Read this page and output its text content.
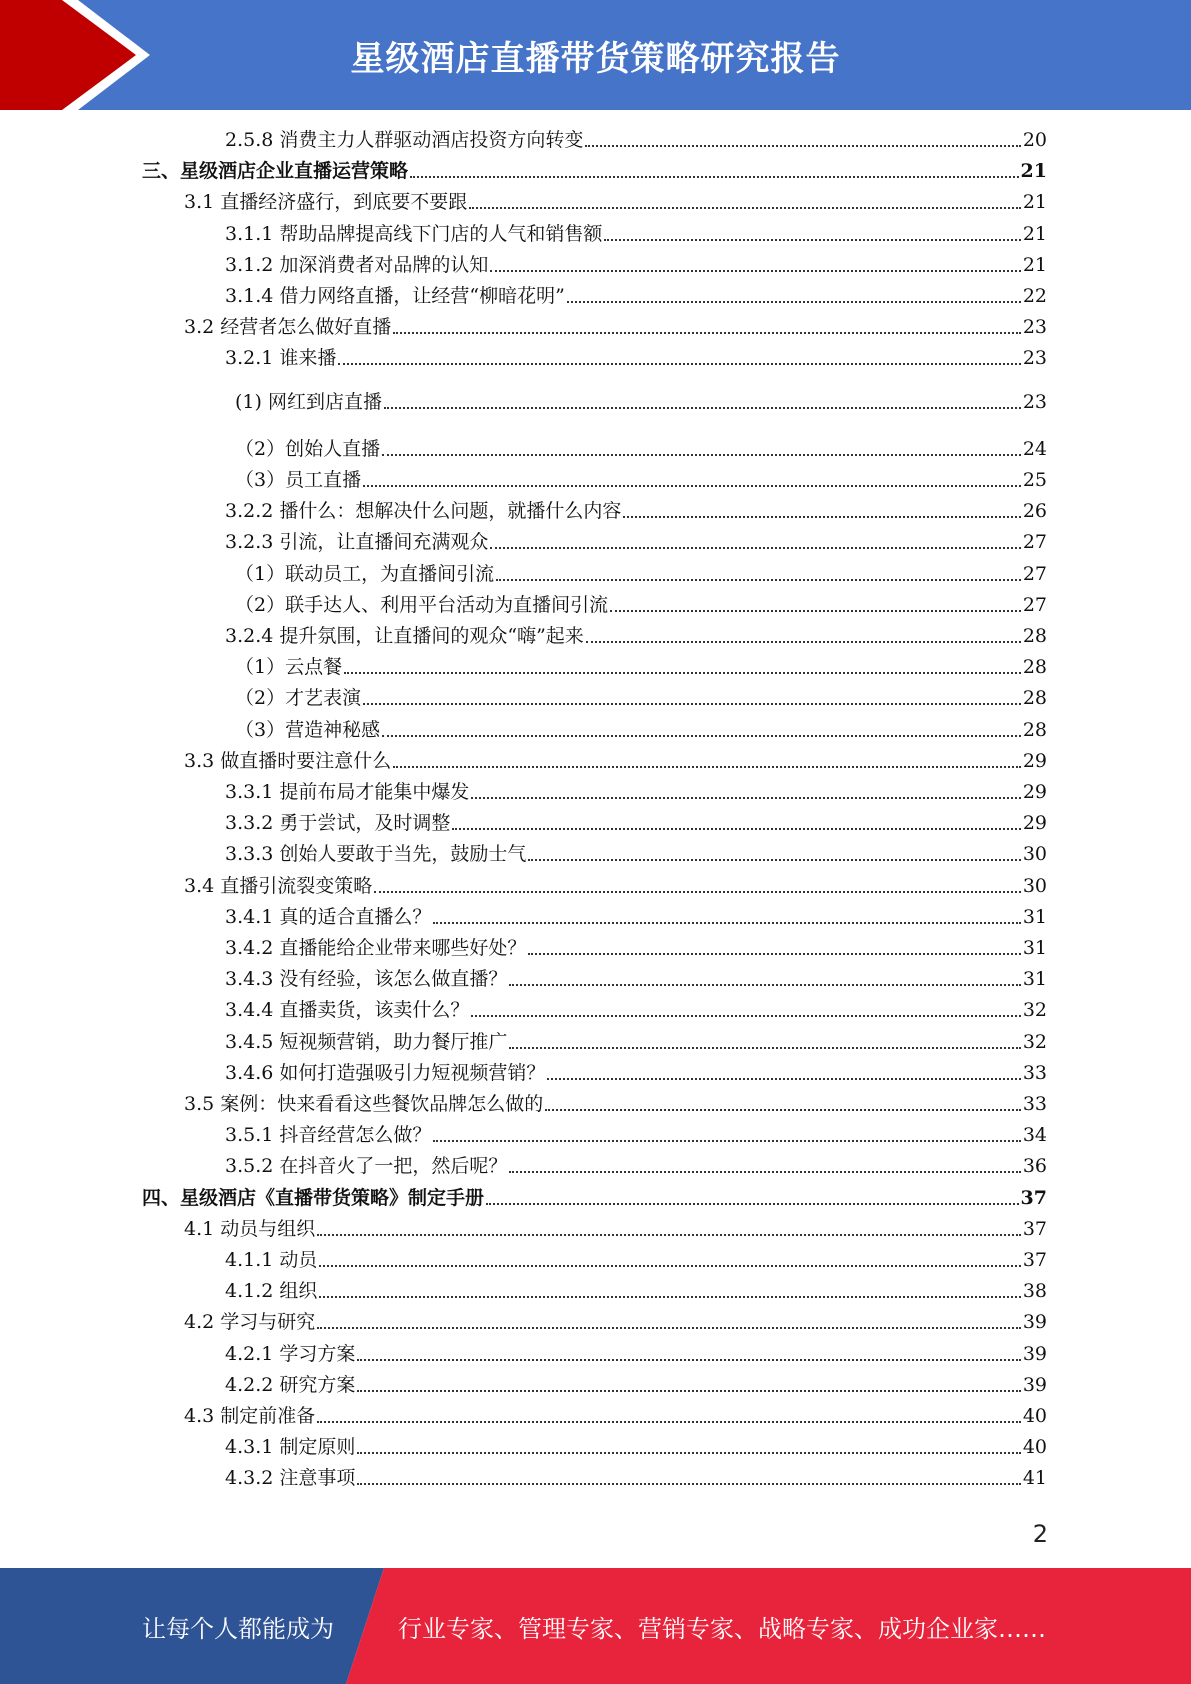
星级酒店直播带货策略研究报告
2.5.8 消费主力人群驱动酒店投资方向转变	20
三、星级酒店企业直播运营策略	21
3.1 直播经济盛行，到底要不要跟	21
3.1.1 帮助品牌提高线下门店的人气和销售额	21
3.1.2 加深消费者对品牌的认知	21
3.1.4 借力网络直播，让经营“柳暗花明”	22
3.2 经营者怎么做好直播	23
3.2.1 谁来播	23
(1) 网红到店直播	23
（2）创始人直播	24
（3）员工直播	25
3.2.2 播什么：想解决什么问题，就播什么内容	26
3.2.3 引流，让直播间充满观众	27
（1）联动员工，为直播间引流	27
（2）联手达人、利用平台活动为直播间引流	27
3.2.4 提升氛围，让直播间的观众“嗨”起来	28
（1）云点餐	28
（2）才艺表演	28
（3）营造神秘感	28
3.3 做直播时要注意什么	29
3.3.1 提前布局才能集中爆发	29
3.3.2 勇于尝试，及时调整	29
3.3.3 创始人要敢于当先，鼓励士气	30
3.4 直播引流裂变策略	30
3.4.1 真的适合直播么？	31
3.4.2 直播能给企业带来哪些好处？	31
3.4.3 没有经验，该怎么做直播？	31
3.4.4 直播卖货，该卖什么？	32
3.4.5 短视频营销，助力餐厅推广	32
3.4.6 如何打造强吸引力短视频营销？	33
3.5 案例：快来看看这些餐饮品牌怎么做的	33
3.5.1 抖音经营怎么做？	34
3.5.2 在抖音火了一把，然后呢？	36
四、星级酒店《直播带货策略》制定手册	37
4.1 动员与组织	37
4.1.1 动员	37
4.1.2 组织	38
4.2 学习与研究	39
4.2.1 学习方案	39
4.2.2 研究方案	39
4.3 制定前准备	40
4.3.1 制定原则	40
4.3.2 注意事项	41
2
让每个人都能成为	行业专家、管理专家、营销专家、战略专家、成功企业家……
